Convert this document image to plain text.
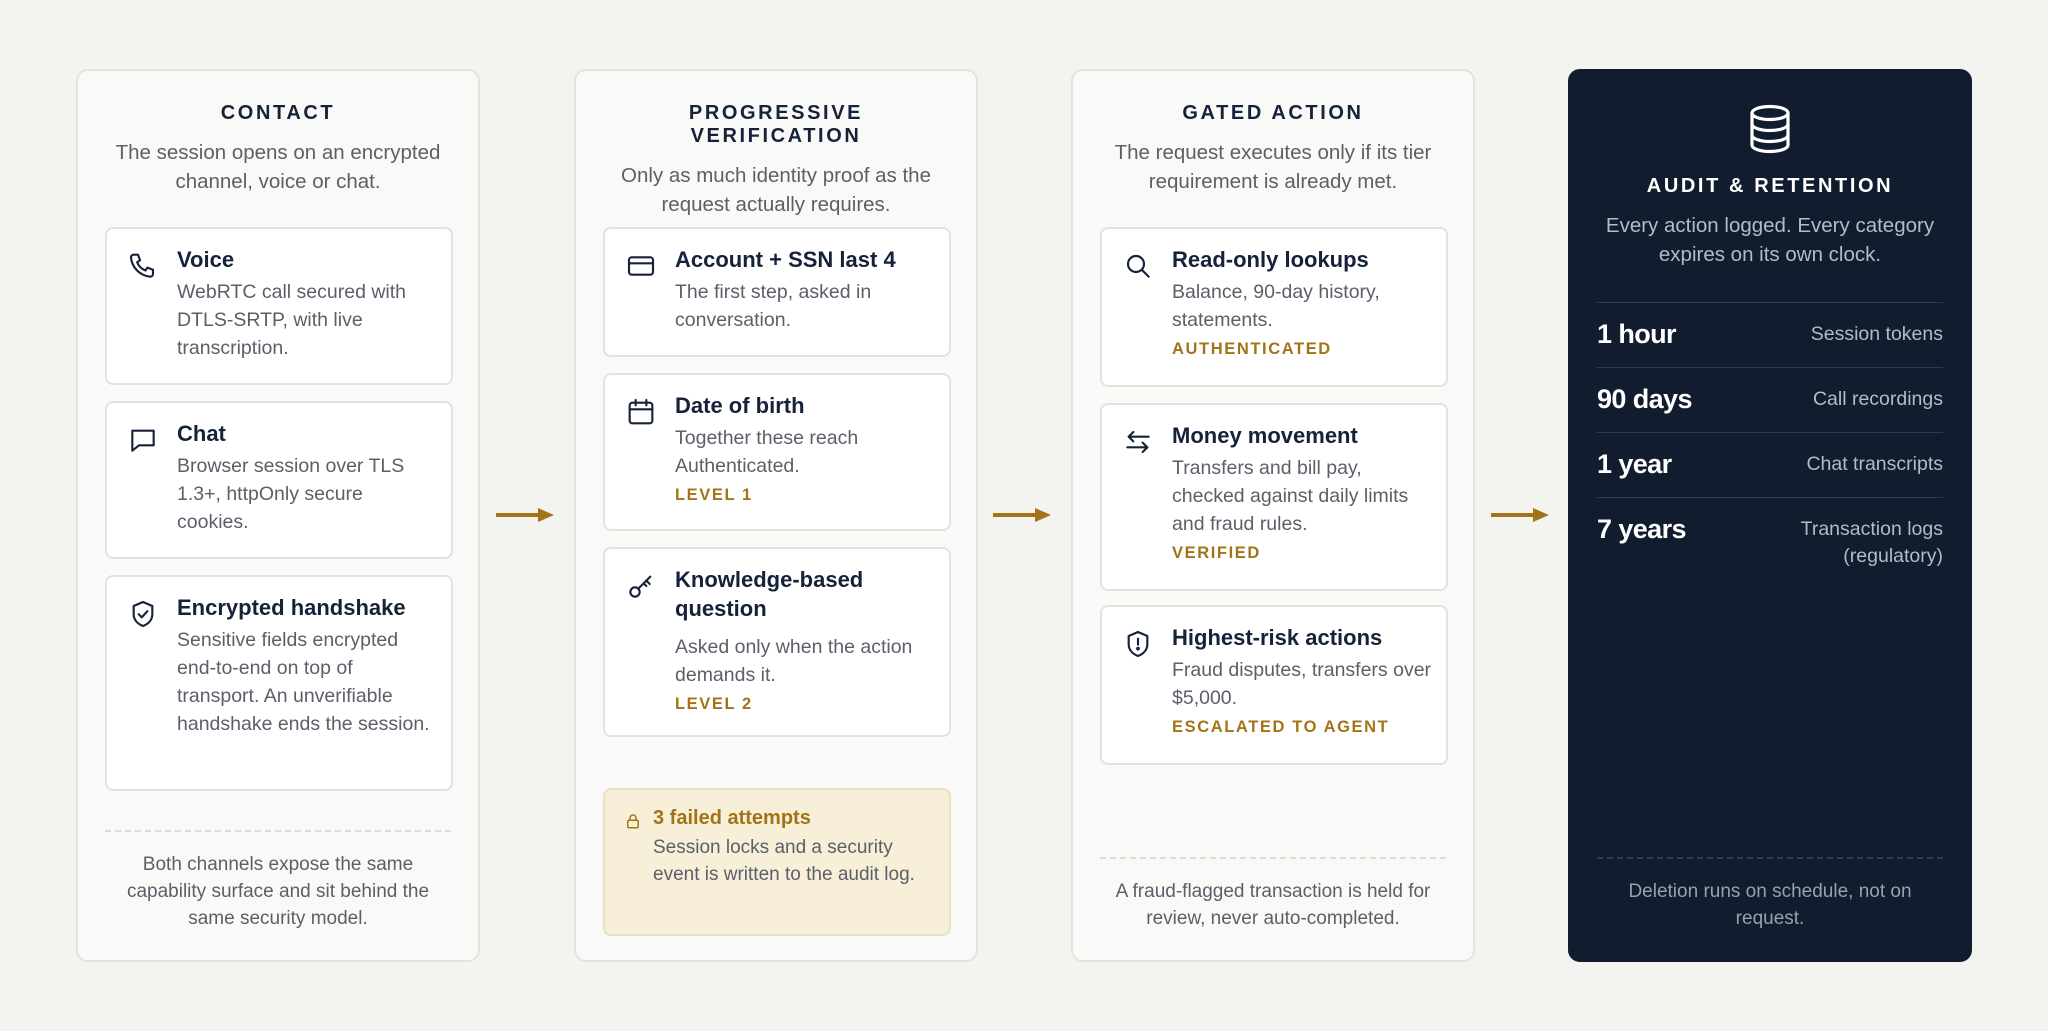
CONTACT
The session opens on an encrypted channel, voice or chat.
Voice
WebRTC call secured with DTLS-SRTP, with live transcription.
Chat
Browser session over TLS 1.3+, httpOnly secure cookies.
Encrypted handshake
Sensitive fields encrypted end-to-end on top of transport. An unverifiable handshake ends the session.
Both channels expose the same capability surface and sit behind the same security model.
PROGRESSIVE VERIFICATION
Only as much identity proof as the request actually requires.
Account + SSN last 4
The first step, asked in conversation.
Date of birth
Together these reach Authenticated.
LEVEL 1
Knowledge-based question
Asked only when the action demands it.
LEVEL 2
3 failed attempts
Session locks and a security event is written to the audit log.
GATED ACTION
The request executes only if its tier requirement is already met.
Read-only lookups
Balance, 90-day history, statements.
AUTHENTICATED
Money movement
Transfers and bill pay, checked against daily limits and fraud rules.
VERIFIED
Highest-risk actions
Fraud disputes, transfers over $5,000.
ESCALATED TO AGENT
A fraud-flagged transaction is held for review, never auto-completed.
AUDIT & RETENTION
Every action logged. Every category expires on its own clock.
1 hour	Session tokens
90 days	Call recordings
1 year	Chat transcripts
7 years	Transaction logs (regulatory)
Deletion runs on schedule, not on request.
